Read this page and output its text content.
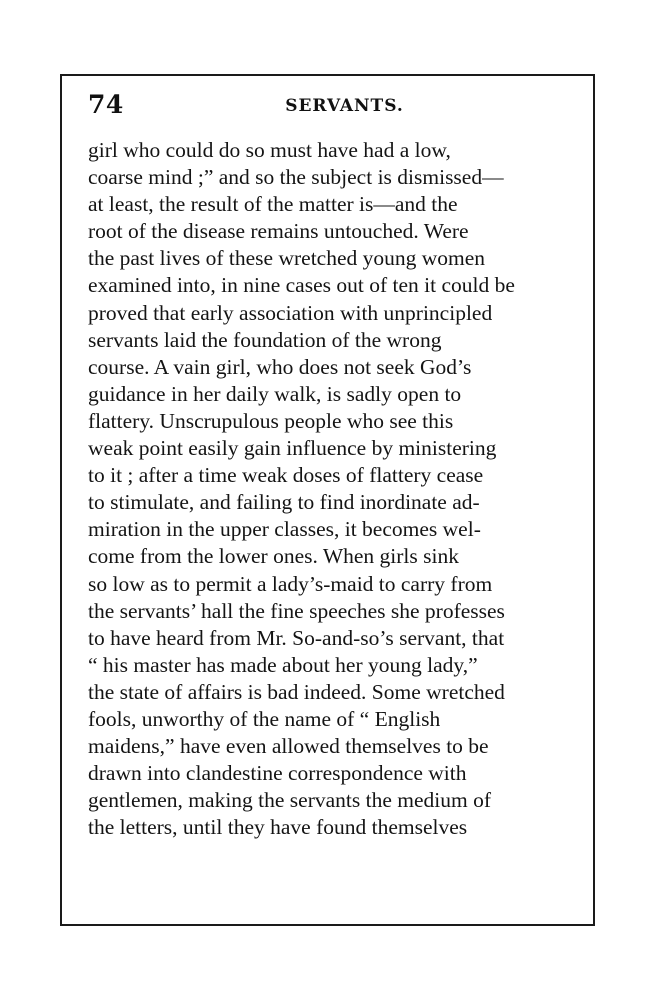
74	SERVANTS.
girl who could do so must have had a low,
coarse mind ;” and so the subject is dismissed—
at least, the result of the matter is—and the
root of the disease remains untouched. Were
the past lives of these wretched young women
examined into, in nine cases out of ten it could be
proved that early association with unprincipled
servants laid the foundation of the wrong
course. A vain girl, who does not seek God’s
guidance in her daily walk, is sadly open to
flattery. Unscrupulous people who see this
weak point easily gain influence by ministering
to it ; after a time weak doses of flattery cease
to stimulate, and failing to find inordinate ad-
miration in the upper classes, it becomes wel-
come from the lower ones. When girls sink
so low as to permit a lady’s-maid to carry from
the servants’ hall the fine speeches she professes
to have heard from Mr. So-and-so’s servant, that
“ his master has made about her young lady,”
the state of affairs is bad indeed. Some wretched
fools, unworthy of the name of “ English
maidens,” have even allowed themselves to be
drawn into clandestine correspondence with
gentlemen, making the servants the medium of
the letters, until they have found themselves
